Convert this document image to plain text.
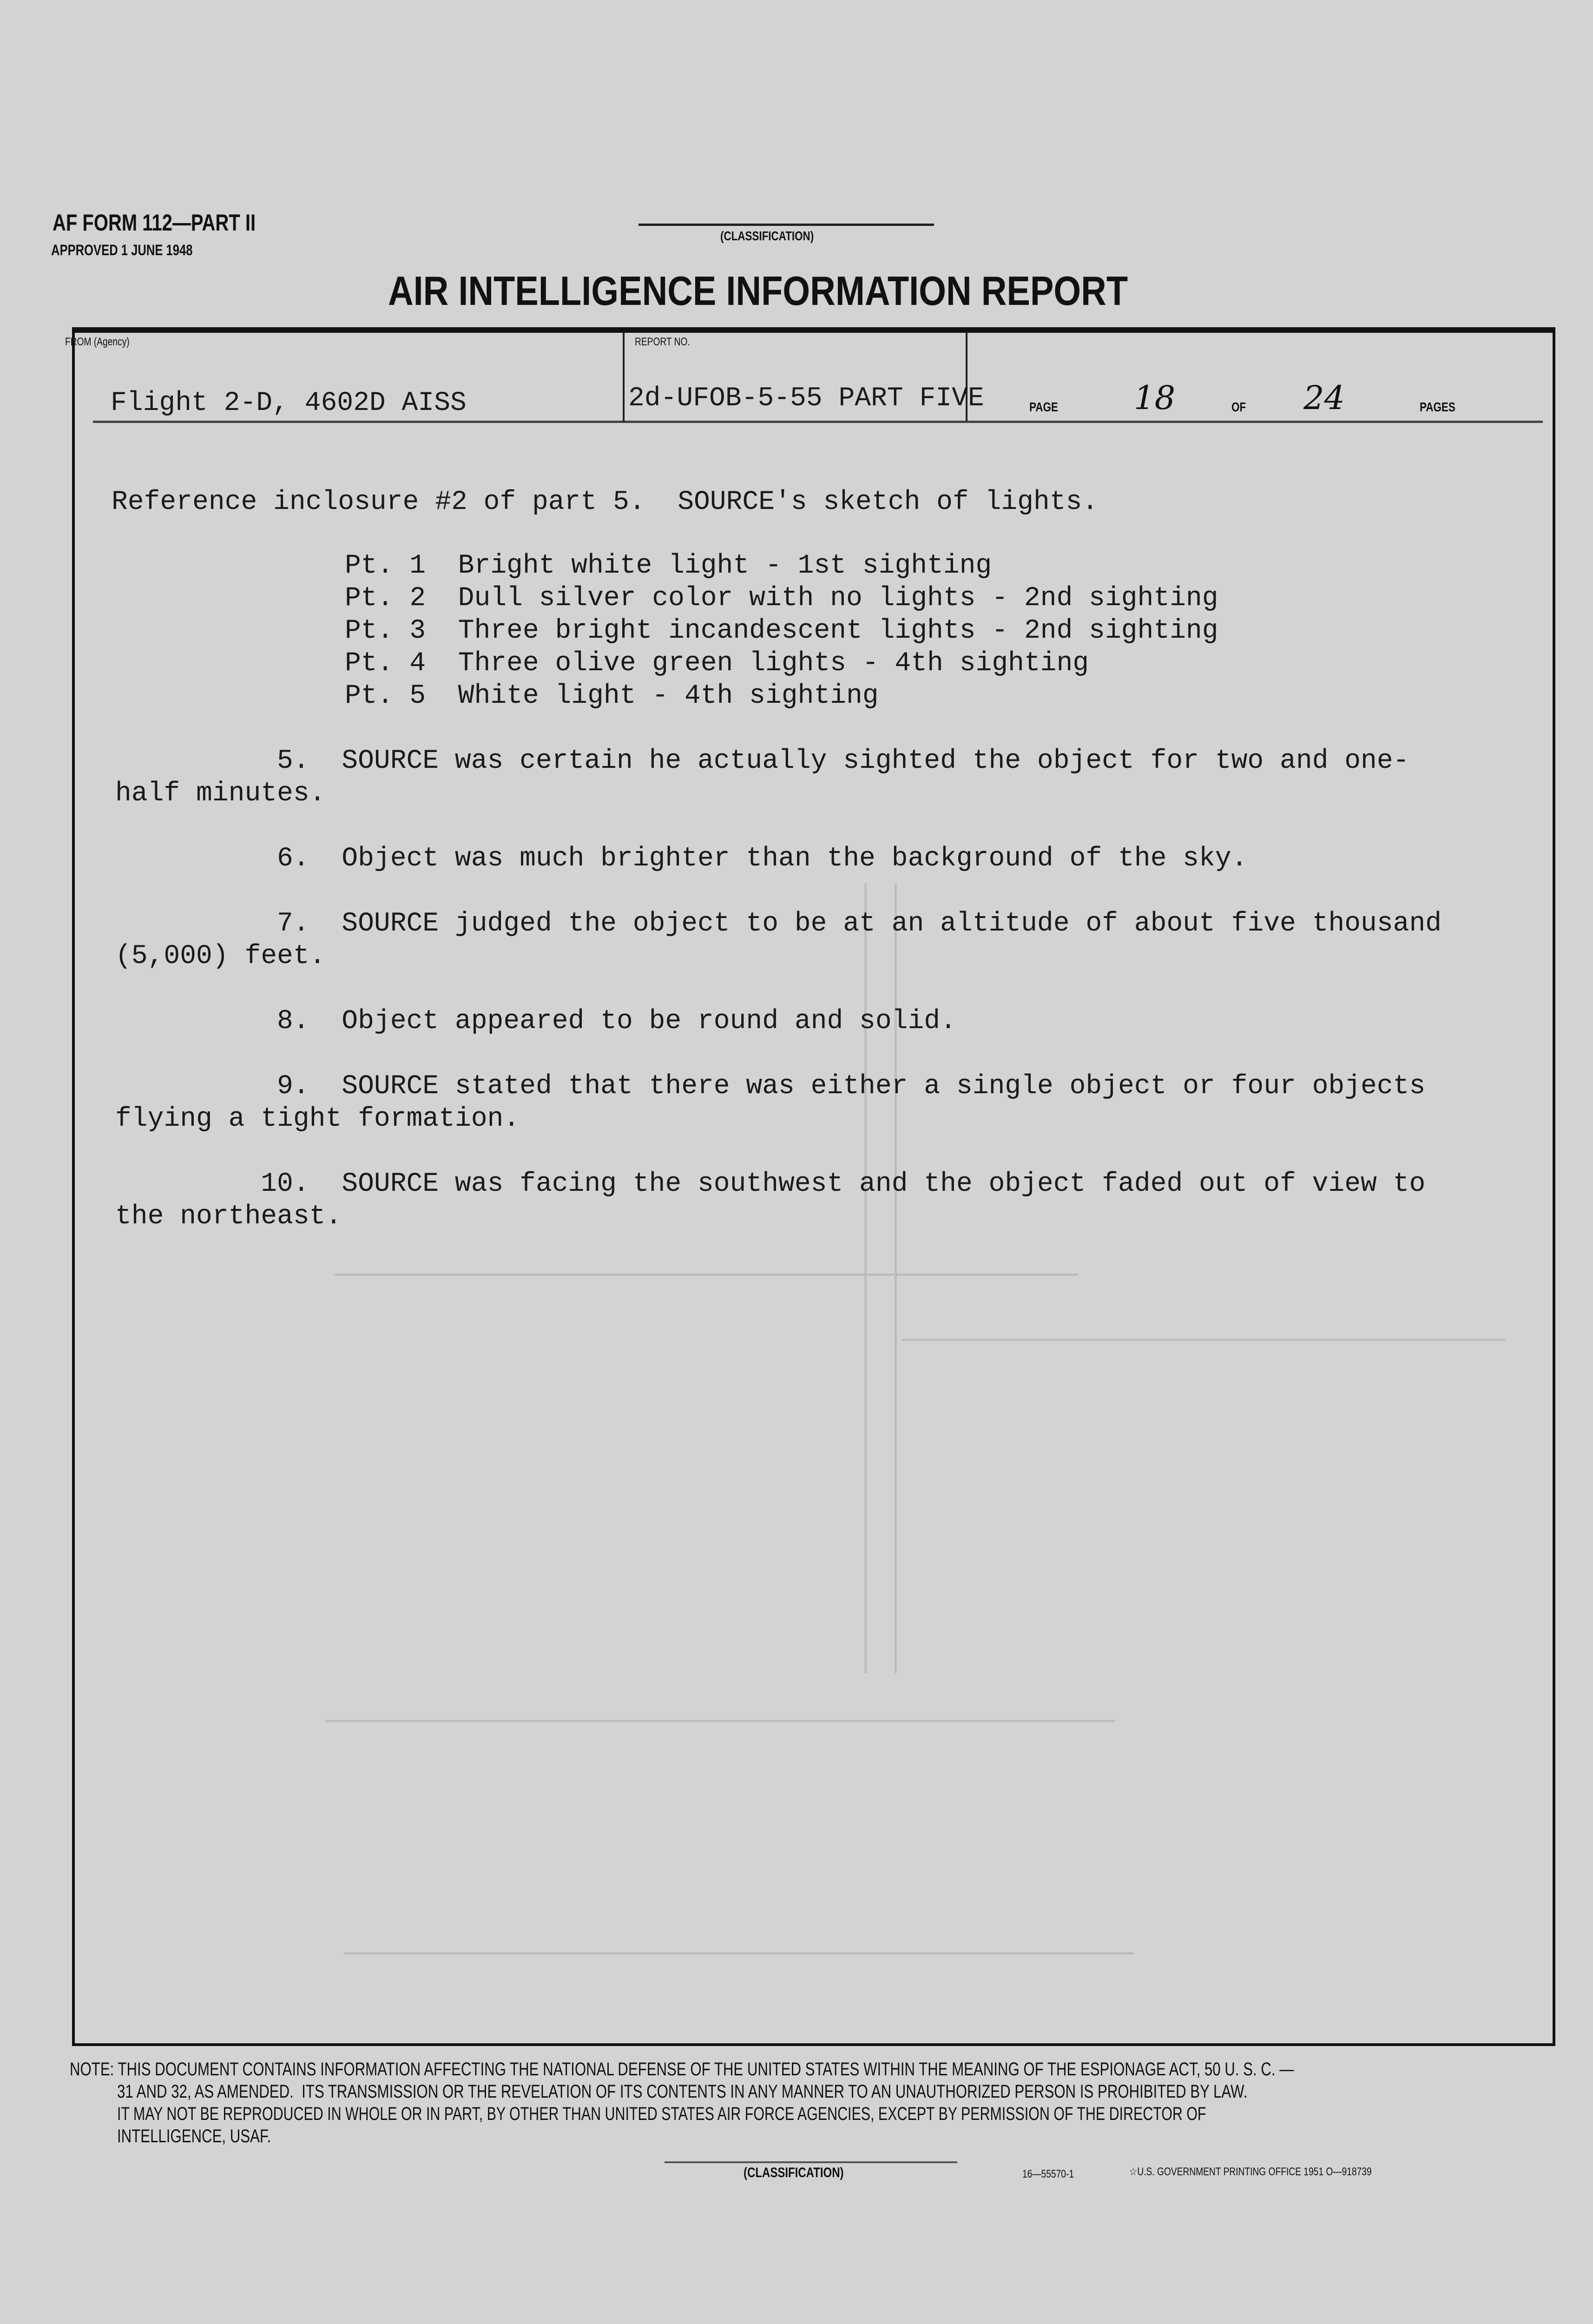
AF FORM 112—PART II
APPROVED 1 JUNE 1948
(CLASSIFICATION)
AIR INTELLIGENCE INFORMATION REPORT
FROM (Agency)
Flight 2-D, 4602D AISS
REPORT NO.
2d-UFOB-5-55 PART FIVE	PAGE 18	OF 24	PAGES
Reference inclosure #2 of part 5.  SOURCE's sketch of lights.
Pt. 1  Bright white light - 1st sighting
Pt. 2  Dull silver color with no lights - 2nd sighting
Pt. 3  Three bright incandescent lights - 2nd sighting
Pt. 4  Three olive green lights - 4th sighting
Pt. 5  White light - 4th sighting
5.  SOURCE was certain he actually sighted the object for two and one-
half minutes.
6.  Object was much brighter than the background of the sky.
7.  SOURCE judged the object to be at an altitude of about five thousand
(5,000) feet.
8.  Object appeared to be round and solid.
9.  SOURCE stated that there was either a single object or four objects
flying a tight formation.
10.  SOURCE was facing the southwest and the object faded out of view to
the northeast.
NOTE: THIS DOCUMENT CONTAINS INFORMATION AFFECTING THE NATIONAL DEFENSE OF THE UNITED STATES WITHIN THE MEANING OF THE ESPIONAGE ACT, 50 U. S. C. —
31 AND 32, AS AMENDED.  ITS TRANSMISSION OR THE REVELATION OF ITS CONTENTS IN ANY MANNER TO AN UNAUTHORIZED PERSON IS PROHIBITED BY LAW.
IT MAY NOT BE REPRODUCED IN WHOLE OR IN PART, BY OTHER THAN UNITED STATES AIR FORCE AGENCIES, EXCEPT BY PERMISSION OF THE DIRECTOR OF
INTELLIGENCE, USAF.
(CLASSIFICATION)	16—55570-1	☆U.S. GOVERNMENT PRINTING OFFICE 1951 O—918739
